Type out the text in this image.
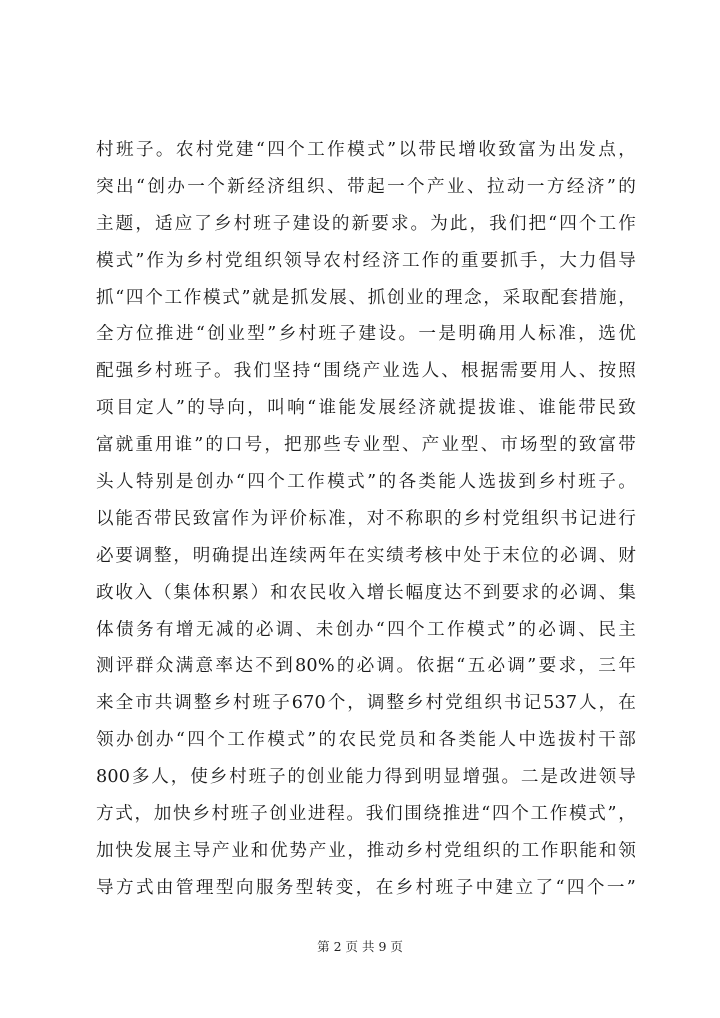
村班子。农村党建“四个工作模式”以带民增收致富为出发点，
突出“创办一个新经济组织、带起一个产业、拉动一方经济”的
主题，适应了乡村班子建设的新要求。为此，我们把“四个工作
模式”作为乡村党组织领导农村经济工作的重要抓手，大力倡导
抓“四个工作模式”就是抓发展、抓创业的理念，采取配套措施，
全方位推进“创业型”乡村班子建设。一是明确用人标准，选优
配强乡村班子。我们坚持“围绕产业选人、根据需要用人、按照
项目定人”的导向，叫响“谁能发展经济就提拔谁、谁能带民致
富就重用谁”的口号，把那些专业型、产业型、市场型的致富带
头人特别是创办“四个工作模式”的各类能人选拔到乡村班子。
以能否带民致富作为评价标准，对不称职的乡村党组织书记进行
必要调整，明确提出连续两年在实绩考核中处于末位的必调、财
政收入（集体积累）和农民收入增长幅度达不到要求的必调、集
体债务有增无减的必调、未创办“四个工作模式”的必调、民主
测评群众满意率达不到80%的必调。依据“五必调”要求，三年
来全市共调整乡村班子670个，调整乡村党组织书记537人，在
领办创办“四个工作模式”的农民党员和各类能人中选拔村干部
800多人，使乡村班子的创业能力得到明显增强。二是改进领导
方式，加快乡村班子创业进程。我们围绕推进“四个工作模式”，
加快发展主导产业和优势产业，推动乡村党组织的工作职能和领
导方式由管理型向服务型转变，在乡村班子中建立了“四个一”
第 2 页 共 9 页
